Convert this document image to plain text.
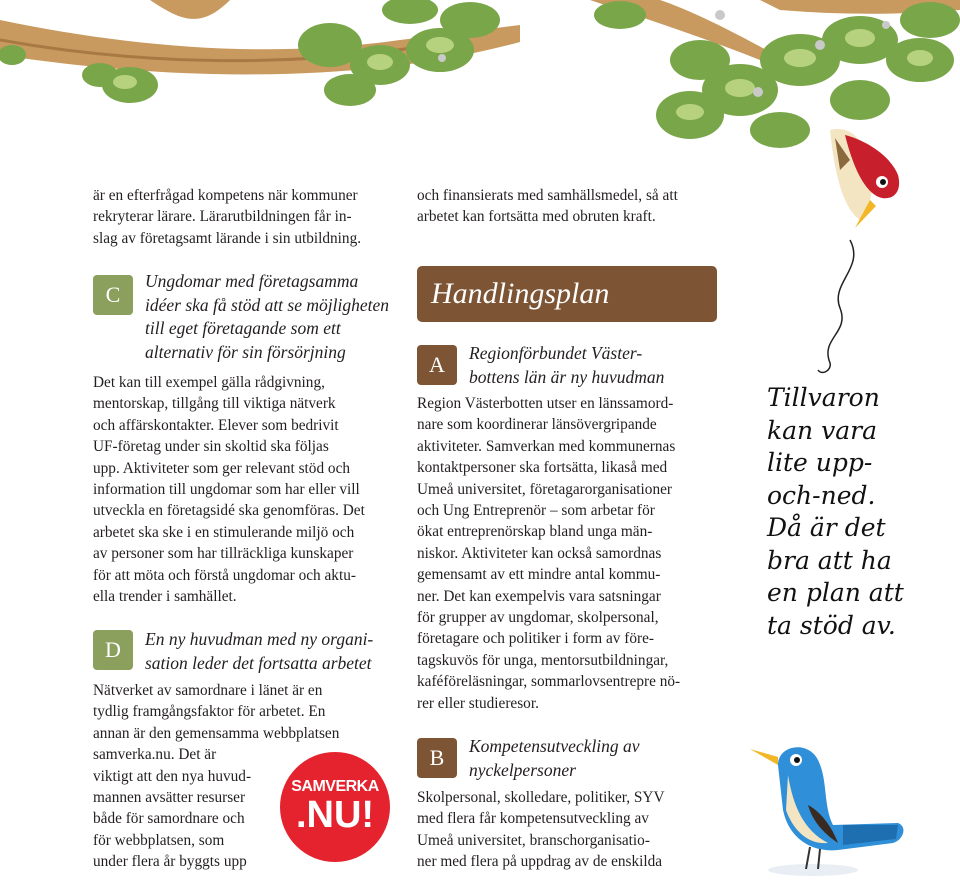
är en efterfrågad kompetens när kommuner
rekryterar lärare. Lärarutbildningen får in-
slag av företagsamt lärande i sin utbildning.

C

Ungdomar med företagsamma
idéer ska få stöd att se möjligheten
till eget företagande som ett
alternativ för sin försörjning

Det kan till exempel gälla rådgivning,
mentorskap, tillgång till viktiga nätverk
och affärskontakter. Elever som bedrivit
UF-företag under sin skoltid ska följas
upp. Aktiviteter som ger relevant stöd och
information till ungdomar som har eller vill
utveckla en företagsidé ska genomföras. Det
arbetet ska ske i en stimulerande miljö och
av personer som har tillräckliga kunskaper
för att möta och förstå ungdomar och aktu-
ella trender i samhället.

D	En ny huvudman med ny organi-
sation leder det fortsatta arbetet

Nätverket av samordnare i länet är en
tydlig framgångsfaktor för arbetet. En
annan är den gemensamma webbplatsen
samverka.nu. Det är
viktigt att den nya huvud-
mannen avsätter resurser
både för samordnare och
för webbplatsen, som
under flera år byggts upp

SAMVERKA
.NU!

och finansierats med samhällsmedel, så att
arbetet kan fortsätta med obruten kraft.

Handlingsplan
A	Regionförbundet Väster-
bottens län är ny huvudman

Region Västerbotten utser en länssamord-
nare som koordinerar länsövergripande
aktiviteter. Samverkan med kommunernas
kontaktpersoner ska fortsätta, likaså med
Umeå universitet, företagarorganisationer
och Ung Entreprenör – som arbetar för
ökat entreprenörskap bland unga män-
niskor. Aktiviteter kan också samordnas
gemensamt av ett mindre antal kommu-
ner. Det kan exempelvis vara satsningar
för grupper av ungdomar, skolpersonal,
företagare och politiker i form av före-
tagskuvös för unga, mentorsutbildningar,
kaféföreläsningar, sommarlovsentrepre nö-
rer eller studieresor.

B	Kompetensutveckling av
nyckelpersoner

Skolpersonal, skolledare, politiker, SYV
med flera får kompetensutveckling av
Umeå universitet, branschorganisatio-
ner med flera på uppdrag av de enskilda

Tillvaron
kan vara
lite upp-
och-ned.
Då är det
bra att ha
en plan att
ta stöd av.
